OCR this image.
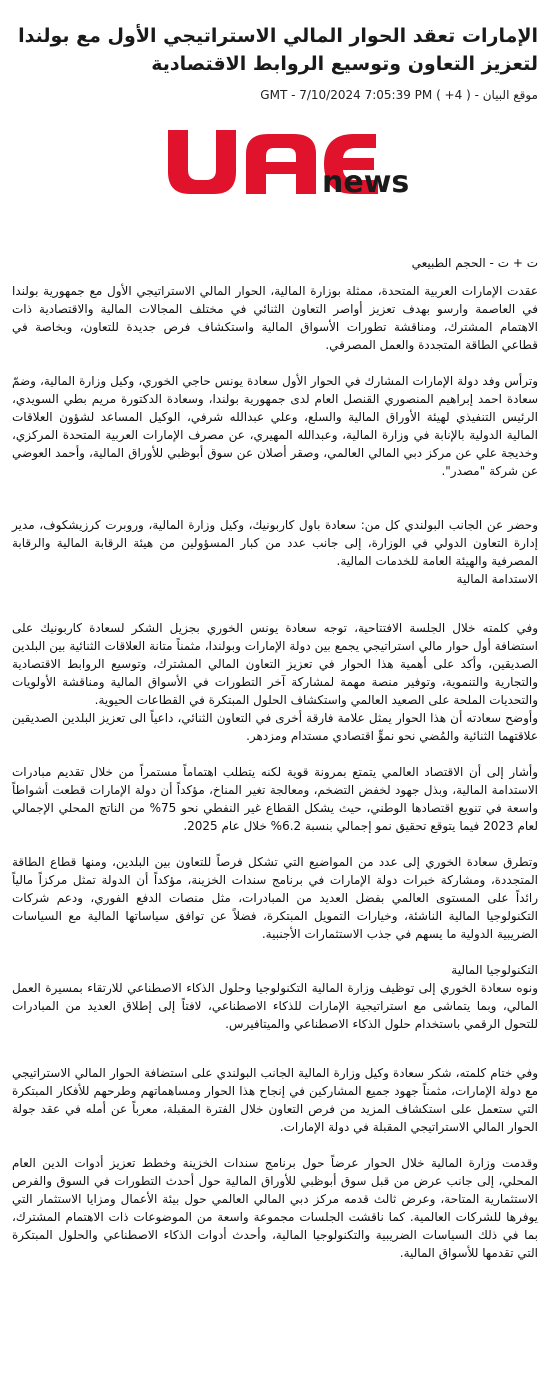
الإمارات تعقد الحوار المالي الاستراتيجي الأول مع بولندا لتعزيز التعاون وتوسيع الروابط الاقتصادية
موقع البيان - ( 4+ ) GMT - 7/10/2024 7:05:39 PM
news
ت + ت - الحجم الطبيعي

عقدت الإمارات العربية المتحدة، ممثلة بوزارة المالية، الحوار المالي الاستراتيجي الأول مع جمهورية بولندا في العاصمة وارسو بهدف تعزيز أواصر التعاون الثنائي في مختلف المجالات المالية والاقتصادية ذات الاهتمام المشترك، ومناقشة تطورات الأسواق المالية واستكشاف فرص جديدة للتعاون، وبخاصة في قطاعي الطاقة المتجددة والعمل المصرفي.

وترأس وفد دولة الإمارات المشارك في الحوار الأول سعادة يونس حاجي الخوري، وكيل وزارة المالية، وضمّ سعادة احمد إبراهيم المنصوري القنصل العام لدى جمهورية بولندا، وسعادة الدكتورة مريم بطي السويدي، الرئيس التنفيذي لهيئة الأوراق المالية والسلع، وعلي عبدالله شرفي، الوكيل المساعد لشؤون العلاقات المالية الدولية بالإنابة في وزارة المالية، وعبدالله المهيري، عن مصرف الإمارات العربية المتحدة المركزي، وخديجة علي عن مركز دبي المالي العالمي، وصقر أصلان عن سوق أبوظبي للأوراق المالية، وأحمد العوضي عن شركة "مصدر".

وحضر عن الجانب البولندي كل من: سعادة باول كاربونيك، وكيل وزارة المالية، وروبرت كرزيشكوف، مدير إدارة التعاون الدولي في الوزارة، إلى جانب عدد من كبار المسؤولين من هيئة الرقابة المالية والرقابة المصرفية والهيئة العامة للخدمات المالية.

الاستدامة المالية

وفي كلمته خلال الجلسة الافتتاحية، توجه سعادة يونس الخوري بجزيل الشكر لسعادة كاربونيك على استضافة أول حوار مالي استراتيجي يجمع بين دولة الإمارات وبولندا، مثمناً متانة العلاقات الثنائية بين البلدين الصديقين، وأكد على أهمية هذا الحوار في تعزيز التعاون المالي المشترك، وتوسيع الروابط الاقتصادية والتجارية والتنموية، وتوفير منصة مهمة لمشاركة آخر التطورات في الأسواق المالية ومناقشة الأولويات والتحديات الملحة على الصعيد العالمي واستكشاف الحلول المبتكرة في القطاعات الحيوية.

وأوضح سعادته أن هذا الحوار يمثل علامة فارقة أخرى في التعاون الثنائي، داعياً الى تعزيز البلدين الصديقين علاقتهما الثنائية والمُضي نحو نموٍّ اقتصادي مستدام ومزدهر.

وأشار إلى أن الاقتصاد العالمي يتمتع بمرونة قوية لكنه يتطلب اهتماماً مستمراً من خلال تقديم مبادرات الاستدامة المالية، وبذل جهود لخفض التضخم، ومعالجة تغير المناخ، مؤكداً أن دولة الإمارات قطعت أشواطاً واسعة في تنويع اقتصادها الوطني، حيث يشكل القطاع غير النفطي نحو 75% من الناتج المحلي الإجمالي لعام 2023 فيما يتوقع تحقيق نمو إجمالي بنسبة 6.2% خلال عام 2025.

وتطرق سعادة الخوري إلى عدد من المواضيع التي تشكل فرصاً للتعاون بين البلدين، ومنها قطاع الطاقة المتجددة، ومشاركة خبرات دولة الإمارات في برنامج سندات الخزينة، مؤكداً أن الدولة تمثل مركزاً مالياً رائداً على المستوى العالمي بفضل العديد من المبادرات، مثل منصات الدفع الفوري، ودعم شركات التكنولوجيا المالية الناشئة، وخيارات التمويل المبتكرة، فضلاً عن توافق سياساتها المالية مع السياسات الضريبية الدولية ما يسهم في جذب الاستثمارات الأجنبية.

التكنولوجيا المالية

ونوه سعادة الخوري إلى توظيف وزارة المالية التكنولوجيا وحلول الذكاء الاصطناعي للارتقاء بمسيرة العمل المالي، وبما يتماشى مع استراتيجية الإمارات للذكاء الاصطناعي، لافتاً إلى إطلاق العديد من المبادرات للتحول الرقمي باستخدام حلول الذكاء الاصطناعي والميتافيرس.

وفي ختام كلمته، شكر سعادة وكيل وزارة المالية الجانب البولندي على استضافة الحوار المالي الاستراتيجي مع دولة الإمارات، مثمناً جهود جميع المشاركين في إنجاح هذا الحوار ومساهماتهم وطرحهم للأفكار المبتكرة التي ستعمل على استكشاف المزيد من فرص التعاون خلال الفترة المقبلة، معرباً عن أمله في عقد جولة الحوار المالي الاستراتيجي المقبلة في دولة الإمارات.

وقدمت وزارة المالية خلال الحوار عرضاً حول برنامج سندات الخزينة وخطط تعزيز أدوات الدين العام المحلي، إلى جانب عرض من قبل سوق أبوظبي للأوراق المالية حول أحدث التطورات في السوق والفرص الاستثمارية المتاحة، وعرض ثالث قدمه مركز دبي المالي العالمي حول بيئة الأعمال ومزايا الاستثمار التي يوفرها للشركات العالمية. كما ناقشت الجلسات مجموعة واسعة من الموضوعات ذات الاهتمام المشترك، بما في ذلك السياسات الضريبية والتكنولوجيا المالية، وأحدث أدوات الذكاء الاصطناعي والحلول المبتكرة التي تقدمها للأسواق المالية.
